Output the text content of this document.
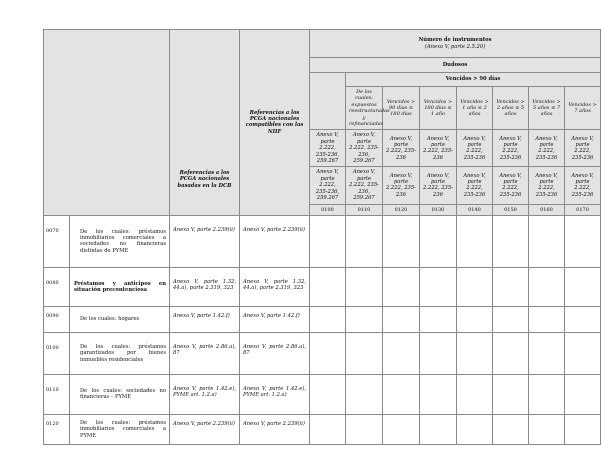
		Referencias a los PCGA nacionales basadas en la DCB	Referencias a los PCGA nacionales compatibles con las NIIF	Número de instrumentos
(Anexo V, parte 2.5.20)							
				Dudosos							
					Vencidos > 90 días						
					De los cuales: expuestos reestructuradas y refinanciadas	Vencidos > 90 días ≤ 180 días	Vencidos > 180 días ≤ 1 año	Vencidos > 1 año ≤ 2 años	Vencidos > 2 años ≤ 5 años	Vencidos > 5 años ≤ 7 años	Vencidos > 7 años
				Anexo V, parte 2.222, 235-236, 259.267	Anexo V, parte 2.222, 235-236, 259.267	Anexo V, parte 2.222, 235-236	Anexo V, parte 2.222, 235-236	Anexo V, parte 2.222, 235-236	Anexo V, parte 2.222, 235-236	Anexo V, parte 2.222, 235-236	Anexo V, parte 2.222, 235-236
				Anexo V, parte 2.222, 235-236, 259.267	Anexo V, parte 2.222, 235-236, 259.267	Anexo V, parte 2.222, 235-236	Anexo V, parte 2.222, 235-236	Anexo V, parte 2.222, 235-236	Anexo V, parte 2.222, 235-236	Anexo V, parte 2.222, 235-236	Anexo V, parte 2.222, 235-236
				0100	0110	0120	0130	0140	0150	0160	0170
0070	De los cuales: préstamos inmobiliarios comerciales a sociedades no financieras distintas de PYME	Anexo V, parte 2.239(ii)	Anexo V, parte 2.239(ii)								
0080	Préstamos y anticipos en situación precontenciosa	Anexo V, parte 1.32, 44.a), parte 2.319, 323	Anexo V, parte 1.32, 44.a), parte 2.319, 323								
0090	De los cuales: hogares	Anexo V, parte 1.42.f)	Anexo V, parte 1.42.f)								
0100	De los cuales: préstamos garantizados por bienes inmuebles residenciales	Anexo V, parte 2.86.a), 87	Anexo V, parte 2.86.a), 87								
0110	De los cuales: sociedades no financieras – PYME	Anexo V, parte 1.42.e), PYME art. 1.2.a)	Anexo V, parte 1.42.e), PYME art. 1.2.a)								
0120	De los cuales: préstamos inmobiliarios comerciales a PYME	Anexo V, parte 2.239(ii)	Anexo V, parte 2.239(ii)								
